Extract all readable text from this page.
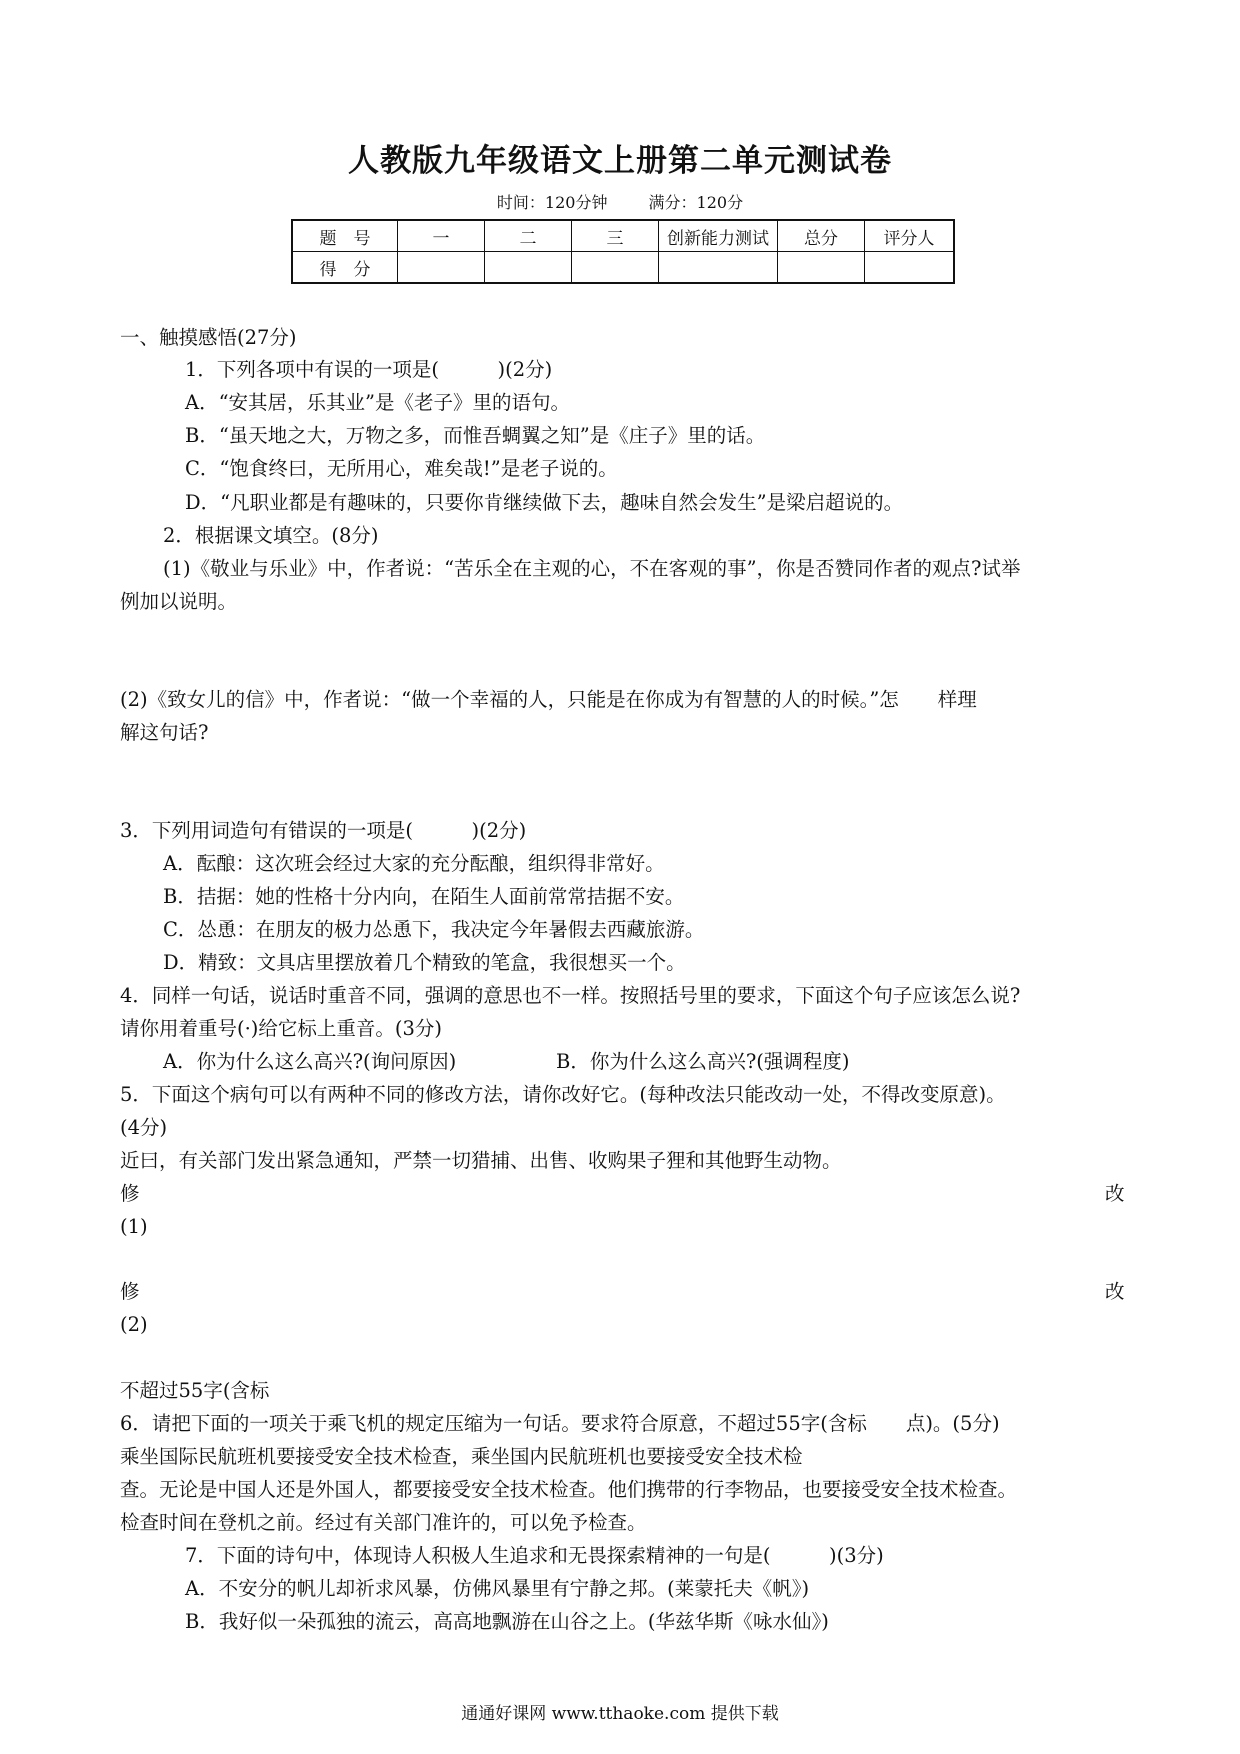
人教版九年级语文上册第二单元测试卷
时间：120分钟	满分：120分
题　号	一	二	三	创新能力测试	总分	评分人
得　分						
一、触摸感悟(27分)
1．下列各项中有误的一项是(　　　)(2分)
A．“安其居，乐其业”是《老子》里的语句。
B．“虽天地之大，万物之多，而惟吾蜩翼之知”是《庄子》里的话。
C．“饱食终曰，无所用心，难矣哉!”是老子说的。
D．“凡职业都是有趣味的，只要你肯继续做下去，趣味自然会发生”是梁启超说的。
2．根据课文填空。(8分)
(1)《敬业与乐业》中，作者说：“苦乐全在主观的心，不在客观的事”，你是否赞同作者的观点?试举
例加以说明。
(2)《致女儿的信》中，作者说：“做一个幸福的人，只能是在你成为有智慧的人的时候。”怎　　样理
解这句话?
3．下列用词造句有错误的一项是(　　　)(2分)
A．酝酿：这次班会经过大家的充分酝酿，组织得非常好。
B．拮据：她的性格十分内向，在陌生人面前常常拮据不安。
C．怂恿：在朋友的极力怂恿下，我决定今年暑假去西藏旅游。
D．精致：文具店里摆放着几个精致的笔盒，我很想买一个。
4．同样一句话，说话时重音不同，强调的意思也不一样。按照括号里的要求，下面这个句子应该怎么说?
请你用着重号(·)给它标上重音。(3分)
A．你为什么这么高兴?(询问原因)	B．你为什么这么高兴?(强调程度)
5．下面这个病句可以有两种不同的修改方法，请你改好它。(每种改法只能改动一处，不得改变原意)。
(4分)
近曰，有关部门发出紧急通知，严禁一切猎捕、出售、收购果子狸和其他野生动物。
修	改
(1)
修	改
(2)
不超过55字(含标
6．请把下面的一项关于乘飞机的规定压缩为一句话。要求符合原意，不超过55字(含标　　点)。(5分)
乘坐国际民航班机要接受安全技术检查，乘坐国内民航班机也要接受安全技术检
查。无论是中国人还是外国人，都要接受安全技术检查。他们携带的行李物品，也要接受安全技术检查。
检查时间在登机之前。经过有关部门准许的，可以免予检查。
7．下面的诗句中，体现诗人积极人生追求和无畏探索精神的一句是(　　　)(3分)
A．不安分的帆儿却祈求风暴，仿佛风暴里有宁静之邦。(莱蒙托夫《帆》)
B．我好似一朵孤独的流云，高高地飘游在山谷之上。(华兹华斯《咏水仙》)
通通好课网 www.tthaoke.com 提供下载
